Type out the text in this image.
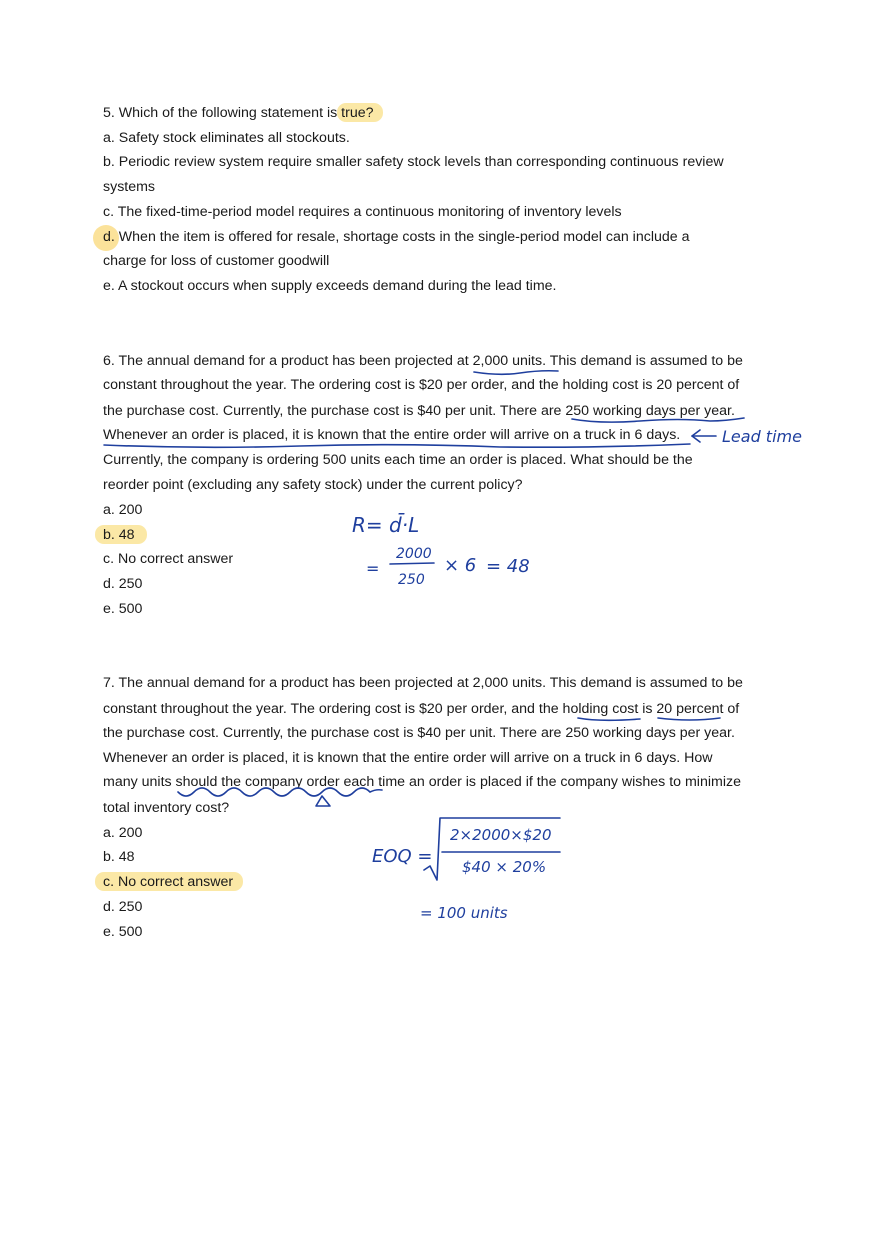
5. Which of the following statement is true?
a. Safety stock eliminates all stockouts.
b. Periodic review system require smaller safety stock levels than corresponding continuous review
systems
c. The fixed-time-period model requires a continuous monitoring of inventory levels
d. When the item is offered for resale, shortage costs in the single-period model can include a
charge for loss of customer goodwill
e. A stockout occurs when supply exceeds demand during the lead time.
6. The annual demand for a product has been projected at 2,000 units. This demand is assumed to be
constant throughout the year. The ordering cost is $20 per order, and the holding cost is 20 percent of
the purchase cost. Currently, the purchase cost is $40 per unit. There are 250 working days per year.
Whenever an order is placed, it is known that the entire order will arrive on a truck in 6 days.
Currently, the company is ordering 500 units each time an order is placed. What should be the
reorder point (excluding any safety stock) under the current policy?
a. 200
b. 48
c. No correct answer
d. 250
e. 500
7. The annual demand for a product has been projected at 2,000 units. This demand is assumed to be
constant throughout the year. The ordering cost is $20 per order, and the holding cost is 20 percent of
the purchase cost. Currently, the purchase cost is $40 per unit. There are 250 working days per year.
Whenever an order is placed, it is known that the entire order will arrive on a truck in 6 days. How
many units should the company order each time an order is placed if the company wishes to minimize
total inventory cost?
a. 200
b. 48
c. No correct answer
d. 250
e. 500
Lead time
R= d̄·L
=
2000
250
× 6 = 48
EOQ =
2×2000×$20
$40 × 20%
= 100 units
